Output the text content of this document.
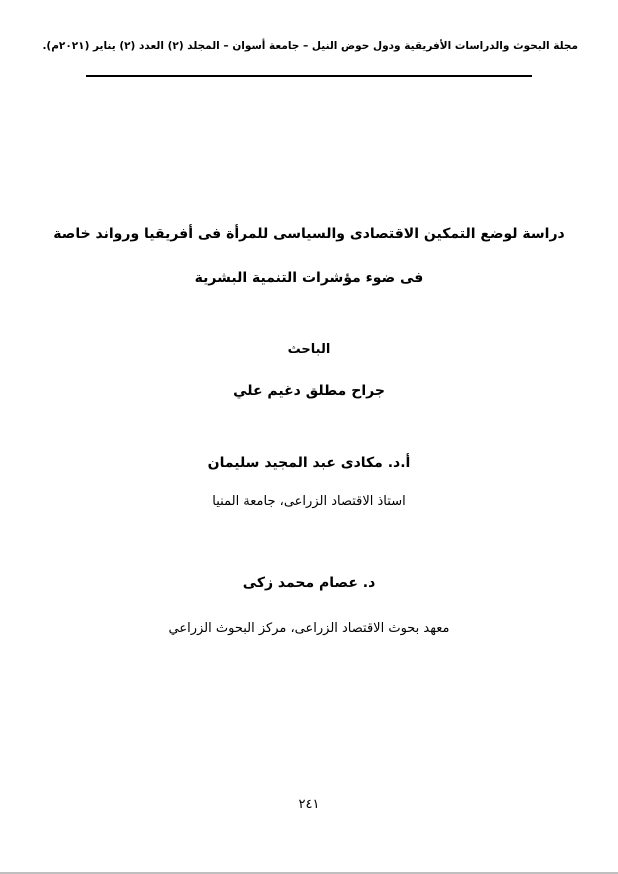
مجلة البحوث والدراسات الأفريقية ودول حوض النيل – جامعة أسوان – المجلد (٢) العدد (٢) يناير (٢٠٢١م).
دراسة لوضع التمكين الاقتصادى والسياسى للمرأة فى أفريقيا ورواند خاصة
فى ضوء مؤشرات التنمية البشرية
الباحث
جراح مطلق دغيم علي
أ.د. مكادى عبد المجيد سليمان
استاذ الاقتصاد الزراعى، جامعة المنيا
د. عصام محمد زكى
معهد بحوث الاقتصاد الزراعى، مركز البحوث الزراعي
٢٤١
